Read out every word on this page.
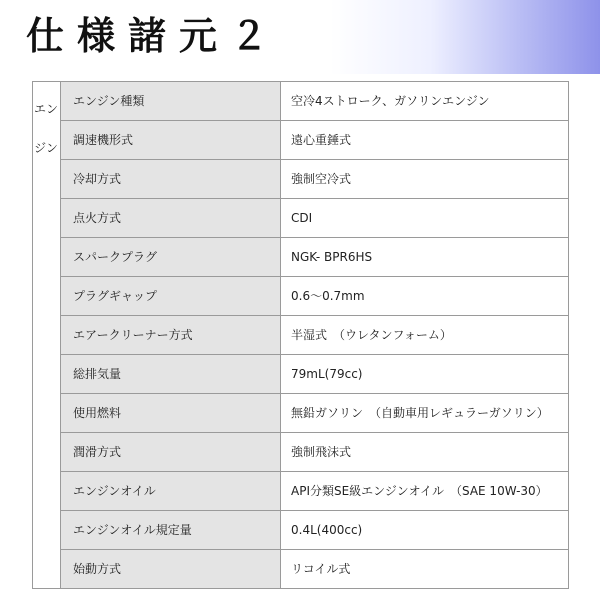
仕様諸元２
エンジン	エンジン種類	空冷4ストローク、ガソリンエンジン
	調速機形式	遠心重錘式
	冷却方式	強制空冷式
	点火方式	CDI
	スパークプラグ	NGK- BPR6HS
	プラグギャップ	0.6～0.7mm
	エアークリーナー方式	半湿式　（ウレタンフォーム）
	総排気量	79mL(79cc)
	使用燃料	無鉛ガソリン　（自動車用レギュラーガソリン）
	潤滑方式	強制飛沫式
	エンジンオイル	API分類SE級エンジンオイル　（SAE 10W-30）
	エンジンオイル規定量	0.4L(400cc)
	始動方式	リコイル式
